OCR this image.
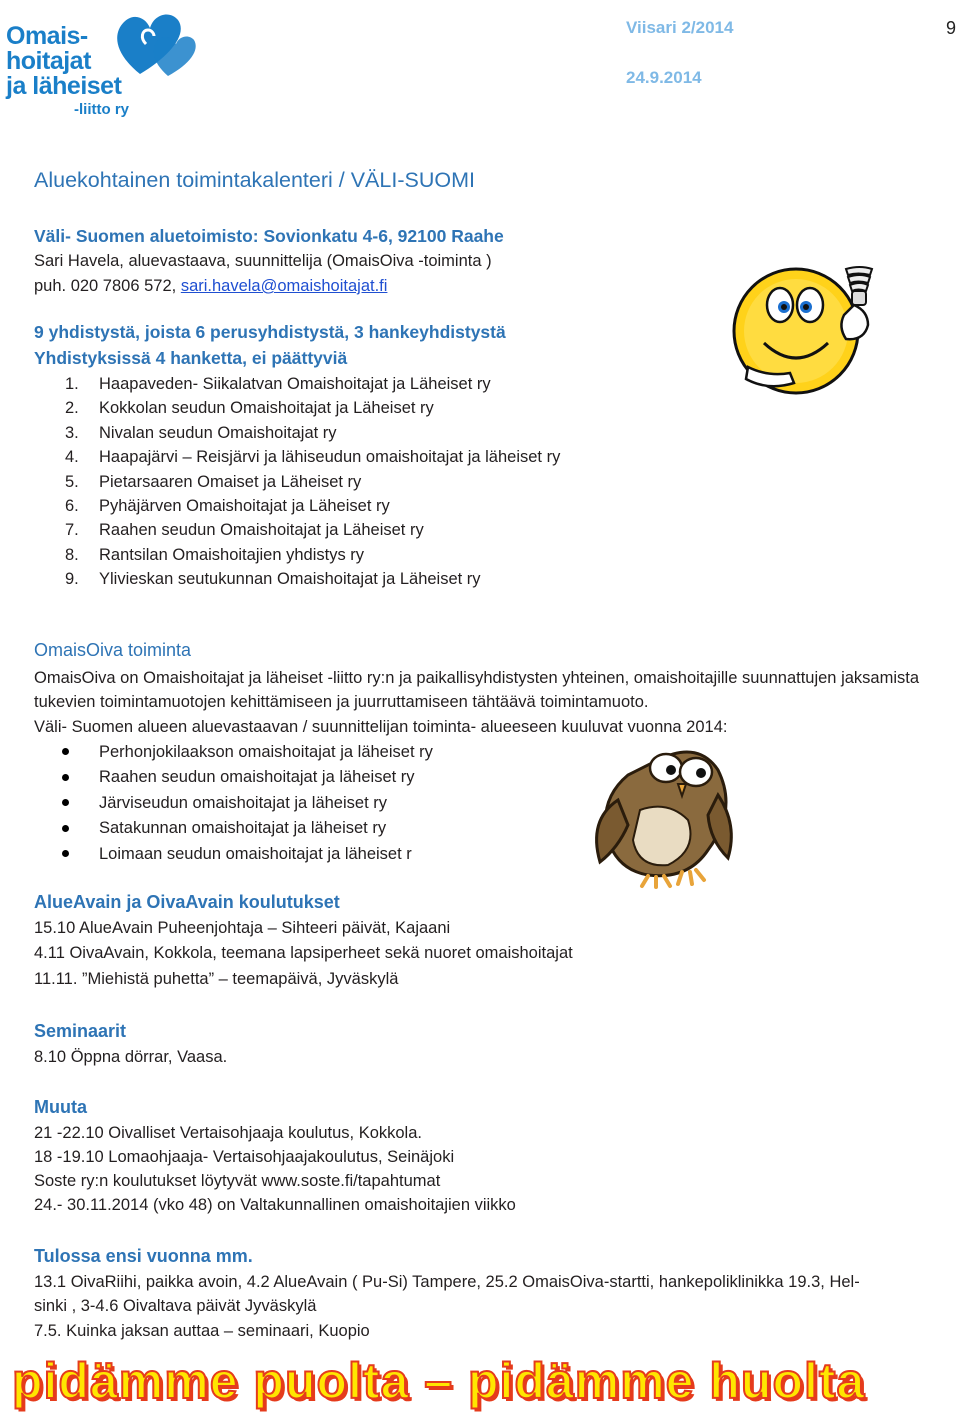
Omais-
hoitajat
ja läheiset
-liitto ry
Viisari 2/2014
24.9.2014
9
Aluekohtainen toimintakalenteri / VÄLI-SUOMI
Väli- Suomen aluetoimisto: Sovionkatu 4-6, 92100 Raahe
Sari Havela, aluevastaava, suunnittelija (OmaisOiva -toiminta )
puh. 020 7806 572, sari.havela@omaishoitajat.fi
9 yhdistystä, joista 6 perusyhdistystä, 3 hankeyhdistystä
Yhdistyksissä 4 hanketta, ei päättyviä
1.	Haapaveden- Siikalatvan Omaishoitajat ja Läheiset ry
2.	Kokkolan seudun Omaishoitajat ja Läheiset ry
3.	Nivalan seudun Omaishoitajat ry
4.	Haapajärvi – Reisjärvi ja lähiseudun omaishoitajat ja läheiset ry
5.	Pietarsaaren Omaiset ja Läheiset ry
6.	Pyhäjärven Omaishoitajat ja Läheiset ry
7.	Raahen seudun Omaishoitajat ja Läheiset ry
8.	Rantsilan Omaishoitajien yhdistys ry
9.	Ylivieskan seutukunnan Omaishoitajat ja Läheiset ry
OmaisOiva toiminta
OmaisOiva on Omaishoitajat ja läheiset -liitto ry:n ja paikallisyhdistysten yhteinen, omaishoitajille suunnattujen jaksamista tukevien toimintamuotojen kehittämiseen ja juurruttamiseen tähtäävä toimintamuoto.
Väli- Suomen alueen aluevastaavan / suunnittelijan toiminta- alueeseen kuuluvat vuonna 2014:
Perhonjokilaakson omaishoitajat ja läheiset ry
Raahen seudun omaishoitajat ja läheiset ry
Järviseudun omaishoitajat ja läheiset ry
Satakunnan omaishoitajat ja läheiset ry
Loimaan seudun omaishoitajat ja läheiset r
AlueAvain ja OivaAvain koulutukset
15.10 AlueAvain Puheenjohtaja – Sihteeri päivät, Kajaani
4.11 OivaAvain, Kokkola, teemana lapsiperheet sekä nuoret omaishoitajat
11.11. ”Miehistä puhetta” – teemapäivä, Jyväskylä
Seminaarit
8.10 Öppna dörrar, Vaasa.
Muuta
21 -22.10 Oivalliset Vertaisohjaaja koulutus, Kokkola.
18 -19.10 Lomaohjaaja- Vertaisohjaajakoulutus, Seinäjoki
Soste ry:n koulutukset löytyvät www.soste.fi/tapahtumat
24.- 30.11.2014 (vko 48) on Valtakunnallinen omaishoitajien viikko
Tulossa ensi vuonna mm.
13.1 OivaRiihi, paikka avoin, 4.2 AlueAvain ( Pu-Si) Tampere, 25.2 OmaisOiva-startti, hankepoliklinikka 19.3, Hel-
sinki , 3-4.6 Oivaltava päivät Jyväskylä
7.5. Kuinka jaksan auttaa – seminaari, Kuopio
pidämme puolta – pidämme huolta
